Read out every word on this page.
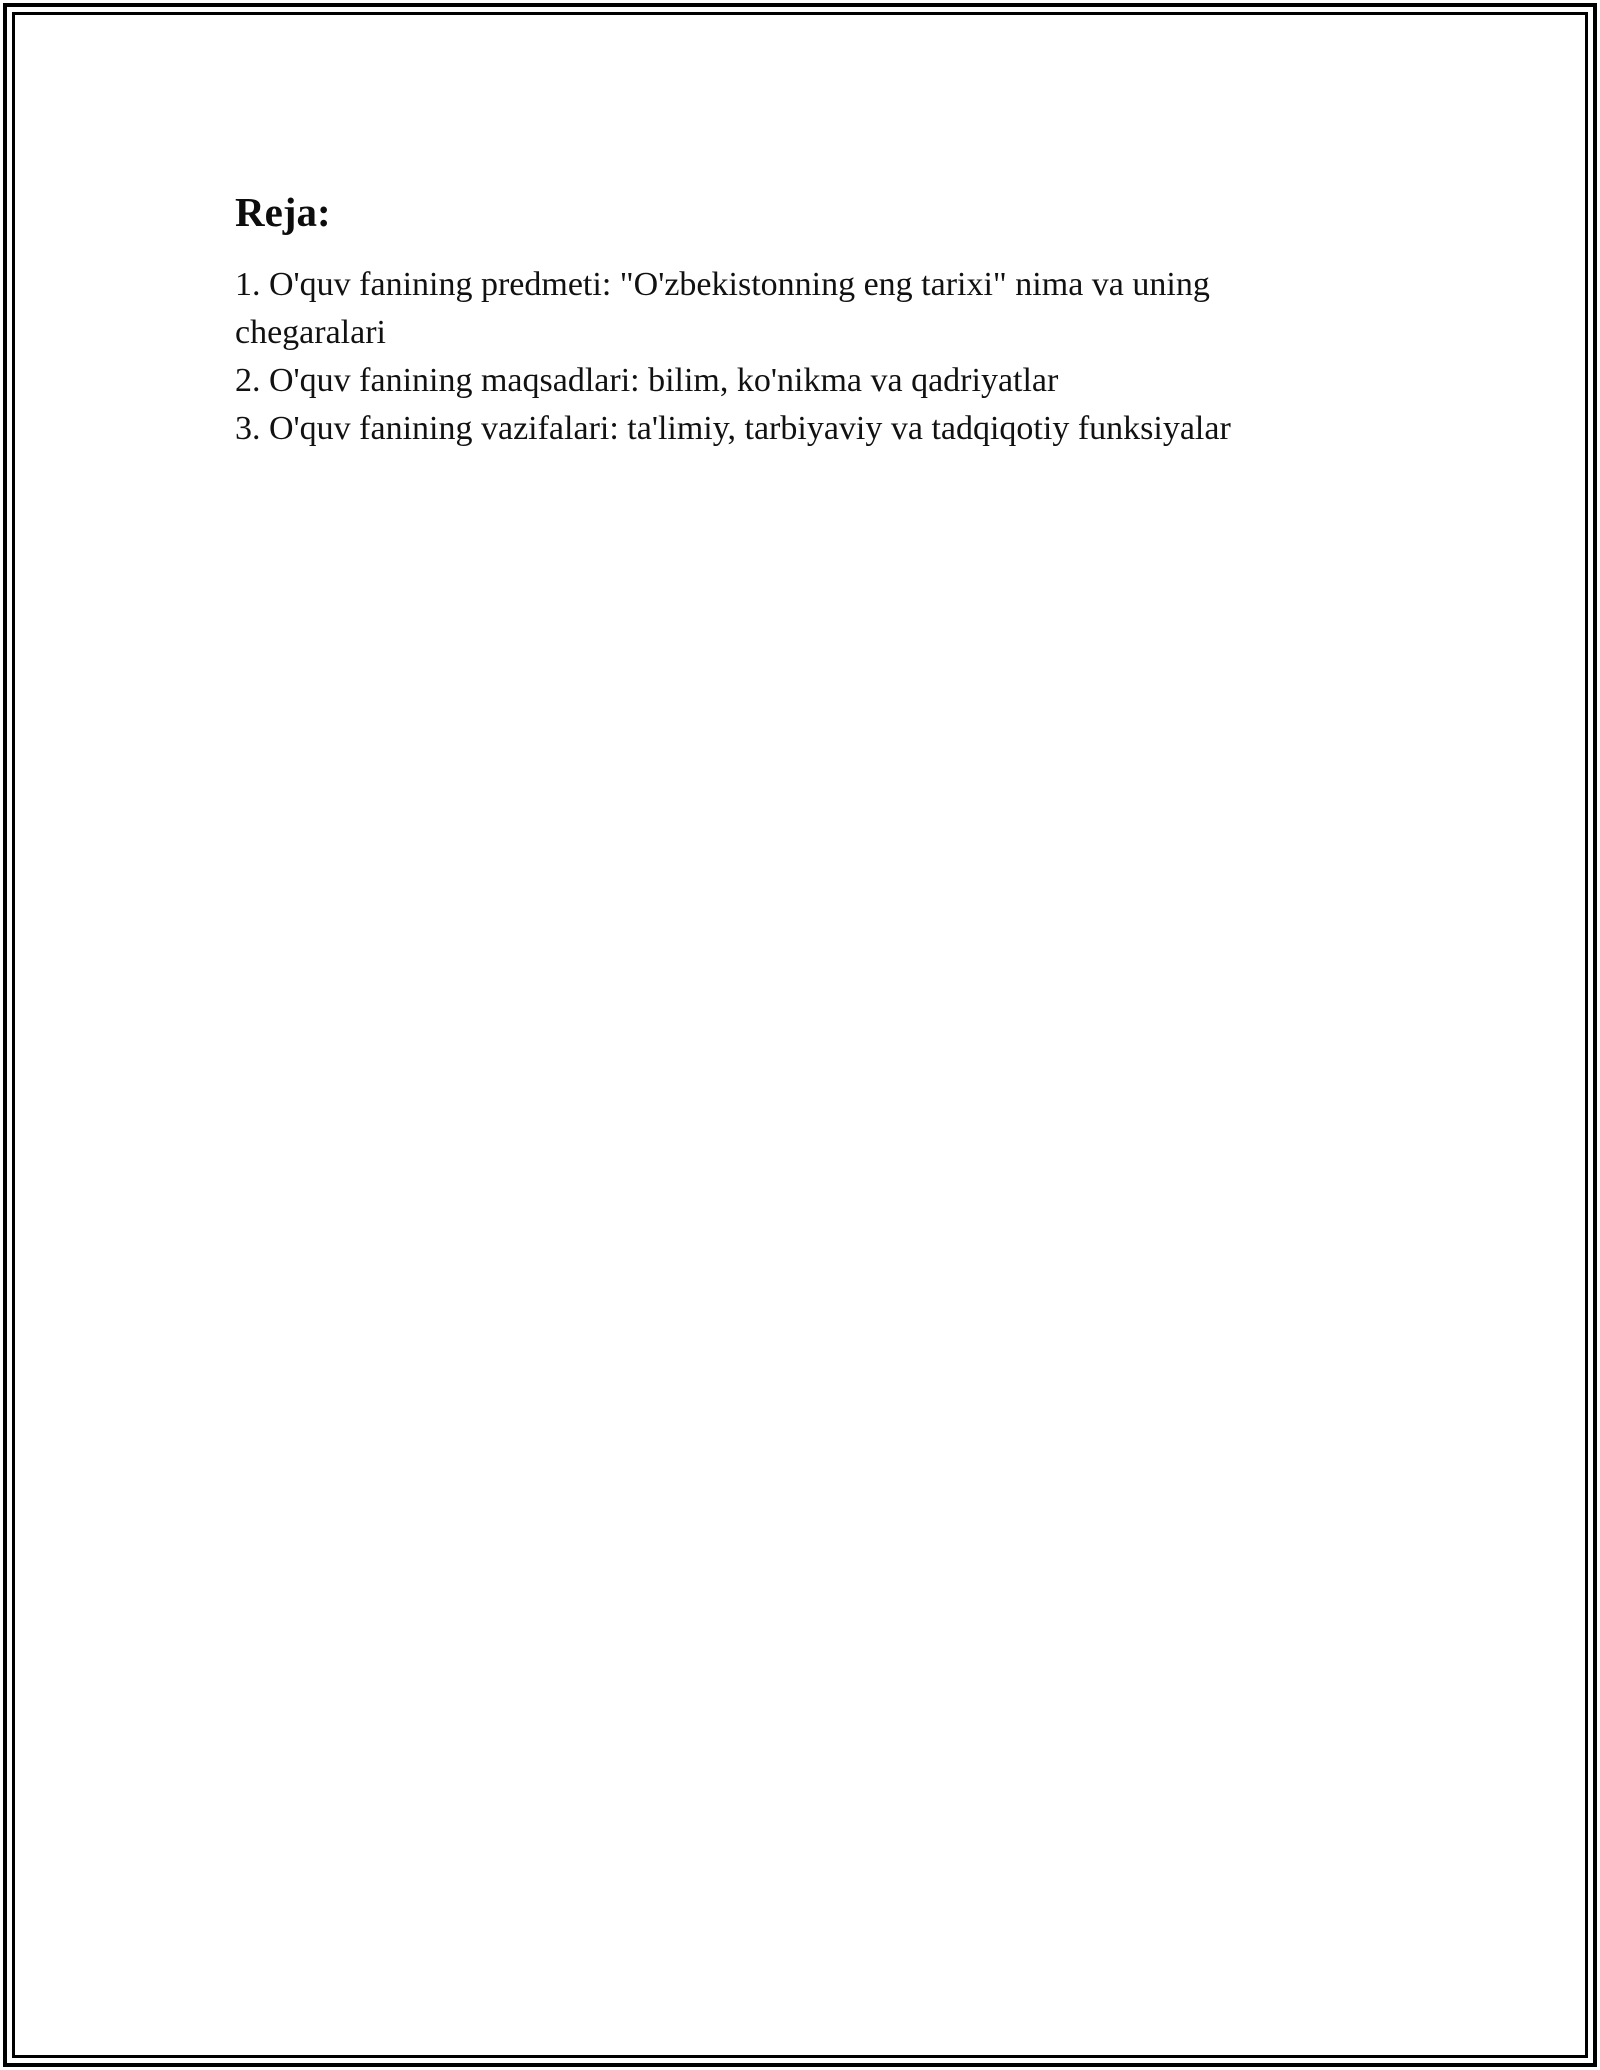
Reja:
1. O'quv fanining predmeti: "O'zbekistonning eng tarixi" nima va uning chegaralari
2. O'quv fanining maqsadlari: bilim, ko'nikma va qadriyatlar
3. O'quv fanining vazifalari: ta'limiy, tarbiyaviy va tadqiqotiy funksiyalar
